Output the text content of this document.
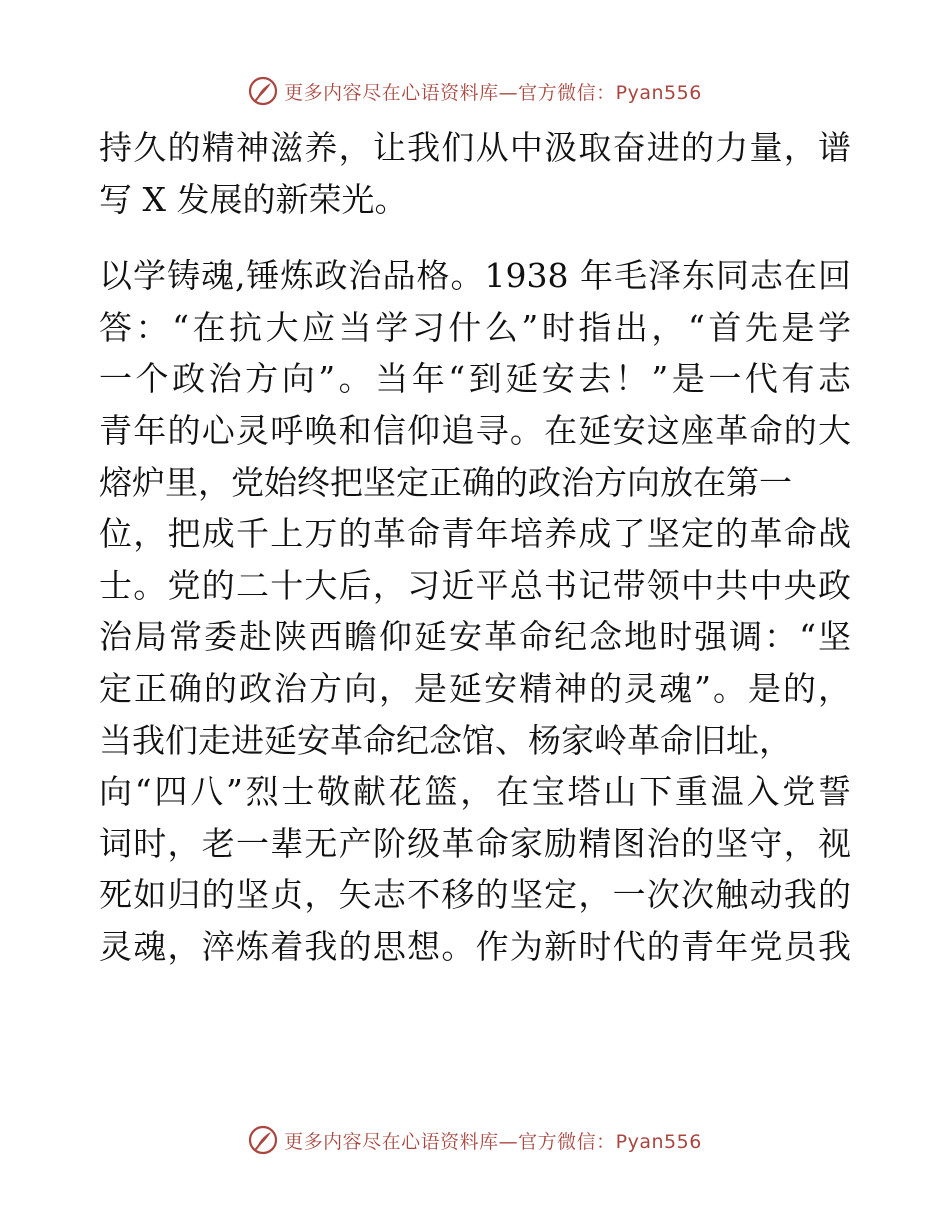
更多内容尽在心语资料库—官方微信：Pyan556
持久的精神滋养，让我们从中汲取奋进的力量，谱
写 X 发展的新荣光。
以学铸魂,锤炼政治品格。1938 年毛泽东同志在回
答：“在抗大应当学习什么”时指出，“首先是学
一个政治方向”。当年“到延安去！”是一代有志
青年的心灵呼唤和信仰追寻。在延安这座革命的大
熔炉里，党始终把坚定正确的政治方向放在第一
位，把成千上万的革命青年培养成了坚定的革命战
士。党的二十大后，习近平总书记带领中共中央政
治局常委赴陕西瞻仰延安革命纪念地时强调：“坚
定正确的政治方向，是延安精神的灵魂”。是的，
当我们走进延安革命纪念馆、杨家岭革命旧址，
向“四八”烈士敬献花篮，在宝塔山下重温入党誓
词时，老一辈无产阶级革命家励精图治的坚守，视
死如归的坚贞，矢志不移的坚定，一次次触动我的
灵魂，淬炼着我的思想。作为新时代的青年党员我
更多内容尽在心语资料库—官方微信：Pyan556
